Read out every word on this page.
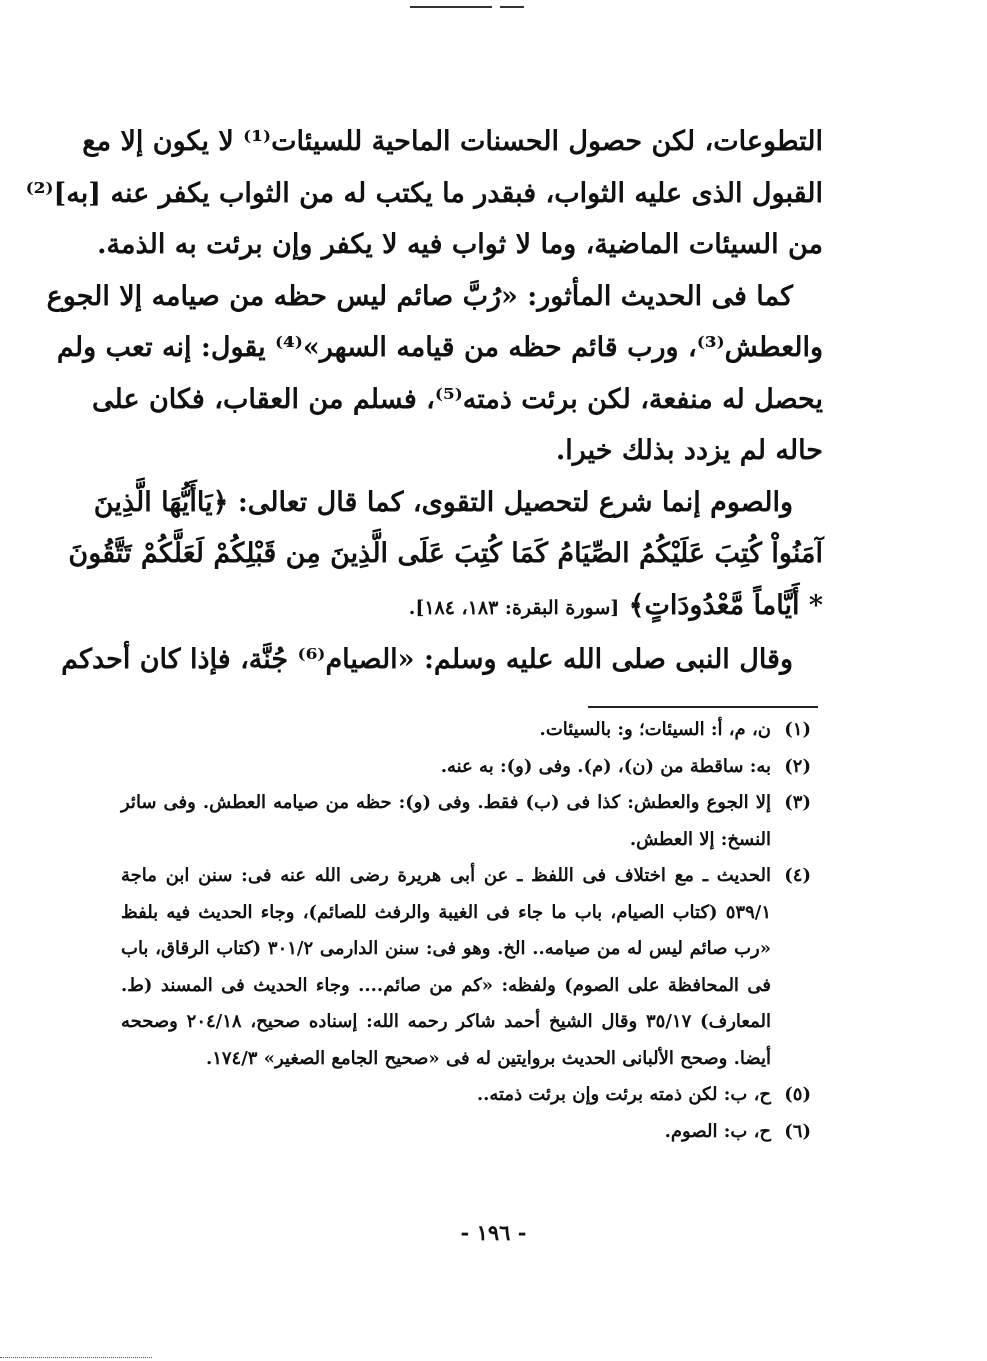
التطوعات، لكن حصول الحسنات الماحية للسيئات⁽¹⁾ لا يكون إلا مع
القبول الذى عليه الثواب، فبقدر ما يكتب له من الثواب يكفر عنه [به]⁽²⁾
من السيئات الماضية، وما لا ثواب فيه لا يكفر وإن برئت به الذمة.
كما فى الحديث المأثور: «رُبَّ صائم ليس حظه من صيامه إلا الجوع
والعطش⁽³⁾، ورب قائم حظه من قيامه السهر»⁽⁴⁾ يقول: إنه تعب ولم
يحصل له منفعة، لكن برئت ذمته⁽⁵⁾، فسلم من العقاب، فكان على
حاله لم يزدد بذلك خيرا.
والصوم إنما شرع لتحصيل التقوى، كما قال تعالى: ﴿يَاأَيُّهَا الَّذِينَ
آمَنُواْ كُتِبَ عَلَيْكُمُ الصِّيَامُ كَمَا كُتِبَ عَلَى الَّذِينَ مِن قَبْلِكُمْ لَعَلَّكُمْ تَتَّقُونَ
* أَيَّاماً مَّعْدُودَاتٍ﴾ [سورة البقرة: ١٨٣، ١٨٤].
وقال النبى صلى الله عليه وسلم: «الصيام⁽⁶⁾ جُنَّة، فإذا كان أحدكم
(١)
ن، م، أ: السيئات؛ و: بالسيئات.
(٢)
به: ساقطة من (ن)، (م). وفى (و): به عنه.
(٣)
إلا الجوع والعطش: كذا فى (ب) فقط. وفى (و): حظه من صيامه العطش. وفى سائر النسخ: إلا العطش.
(٤)
الحديث ـ مع اختلاف فى اللفظ ـ عن أبى هريرة رضى الله عنه فى: سنن ابن ماجة ٥٣٩/١ (كتاب الصيام، باب ما جاء فى الغيبة والرفث للصائم)، وجاء الحديث فيه بلفظ «رب صائم ليس له من صيامه.. الخ. وهو فى: سنن الدارمى ٣٠١/٢ (كتاب الرقاق، باب فى المحافظة على الصوم) ولفظه: «كم من صائم.... وجاء الحديث فى المسند (ط. المعارف) ٣٥/١٧ وقال الشيخ أحمد شاكر رحمه الله: إسناده صحيح، ٢٠٤/١٨ وصححه أيضا. وصحح الألبانى الحديث بروايتين له فى «صحيح الجامع الصغير» ١٧٤/٣.
(٥)
ح، ب: لكن ذمته برئت وإن برئت ذمته..
(٦)
ح، ب: الصوم.
- ١٩٦ -
